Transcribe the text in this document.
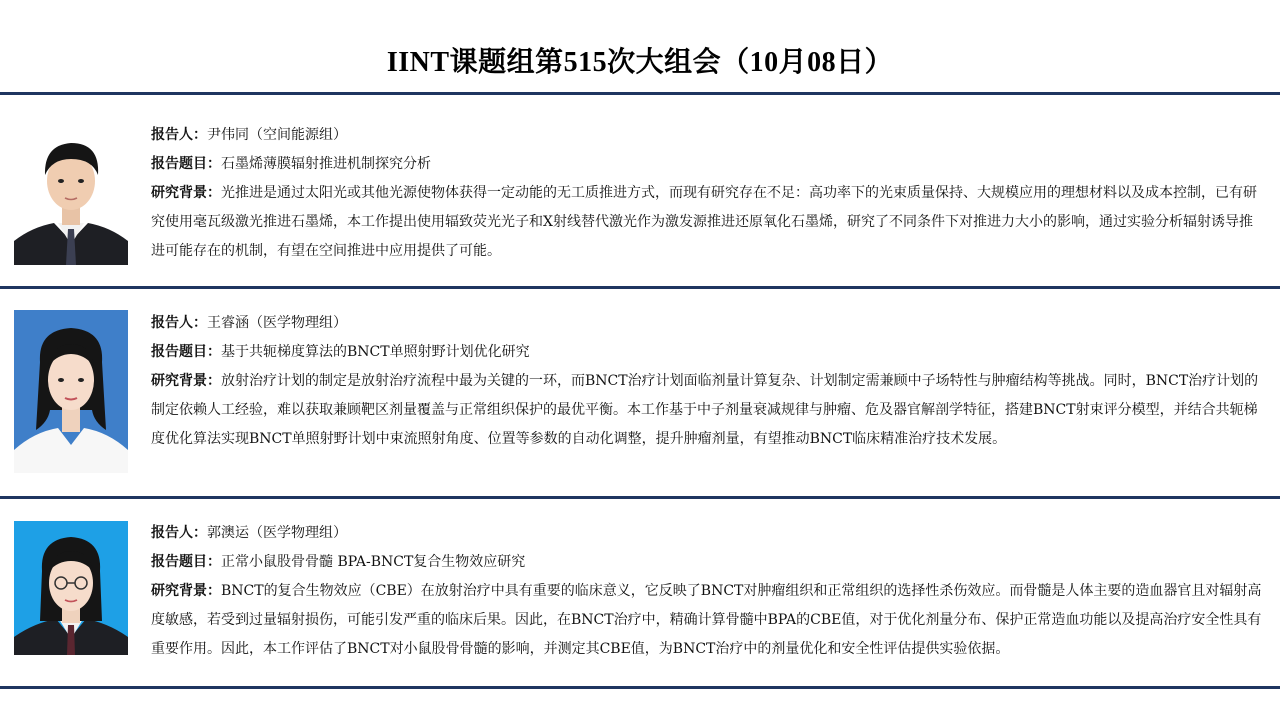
IINT课题组第515次大组会（10月08日）

报告人：尹伟同（空间能源组）

报告题目：石墨烯薄膜辐射推进机制探究分析

研究背景：光推进是通过太阳光或其他光源使物体获得一定动能的无工质推进方式，而现有研究存在不足：高功率下的光束质量保持、大规模应用的理想材料以及成本控制，已有研究使用毫瓦级激光推进石墨烯，本工作提出使用辐致荧光光子和X射线替代激光作为激发源推进还原氧化石墨烯，研究了不同条件下对推进力大小的影响，通过实验分析辐射诱导推进可能存在的机制，有望在空间推进中应用提供了可能。

报告人：王睿涵（医学物理组）

报告题目：基于共轭梯度算法的BNCT单照射野计划优化研究

研究背景：放射治疗计划的制定是放射治疗流程中最为关键的一环，而BNCT治疗计划面临剂量计算复杂、计划制定需兼顾中子场特性与肿瘤结构等挑战。同时，BNCT治疗计划的制定依赖人工经验，难以获取兼顾靶区剂量覆盖与正常组织保护的最优平衡。本工作基于中子剂量衰减规律与肿瘤、危及器官解剖学特征，搭建BNCT射束评分模型，并结合共轭梯度优化算法实现BNCT单照射野计划中束流照射角度、位置等参数的自动化调整，提升肿瘤剂量，有望推动BNCT临床精准治疗技术发展。

报告人：郭澳运（医学物理组）

报告题目：正常小鼠股骨骨髓 BPA-BNCT复合生物效应研究

研究背景：BNCT的复合生物效应（CBE）在放射治疗中具有重要的临床意义，它反映了BNCT对肿瘤组织和正常组织的选择性杀伤效应。而骨髓是人体主要的造血器官且对辐射高度敏感，若受到过量辐射损伤，可能引发严重的临床后果。因此，在BNCT治疗中，精确计算骨髓中BPA的CBE值，对于优化剂量分布、保护正常造血功能以及提高治疗安全性具有重要作用。因此，本工作评估了BNCT对小鼠股骨骨髓的影响，并测定其CBE值，为BNCT治疗中的剂量优化和安全性评估提供实验依据。
